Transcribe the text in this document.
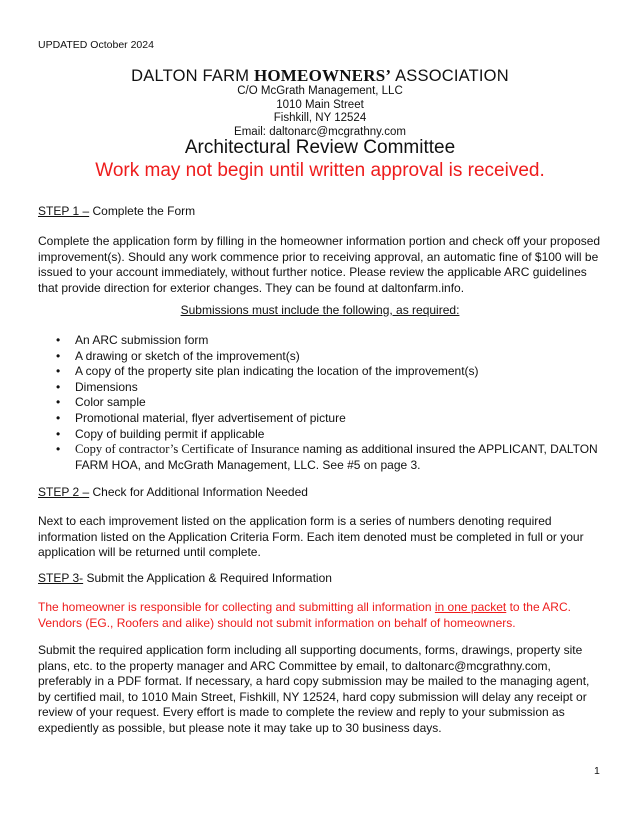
UPDATED October 2024
DALTON FARM HOMEOWNERS’ ASSOCIATION
C/O McGrath Management, LLC
1010 Main Street
Fishkill, NY 12524
Email: daltonarc@mcgrathny.com
Architectural Review Committee
Work may not begin until written approval is received.
STEP 1 – Complete the Form
Complete the application form by filling in the homeowner information portion and check off your proposed improvement(s). Should any work commence prior to receiving approval, an automatic fine of $100 will be issued to your account immediately, without further notice. Please review the applicable ARC guidelines that provide direction for exterior changes. They can be found at daltonfarm.info.
Submissions must include the following, as required:
• An ARC submission form
• A drawing or sketch of the improvement(s)
• A copy of the property site plan indicating the location of the improvement(s)
• Dimensions
• Color sample
• Promotional material, flyer advertisement of picture
• Copy of building permit if applicable
• Copy of contractor’s Certificate of Insurance naming as additional insured the APPLICANT, DALTON FARM HOA, and McGrath Management, LLC. See #5 on page 3.
STEP 2 – Check for Additional Information Needed
Next to each improvement listed on the application form is a series of numbers denoting required information listed on the Application Criteria Form. Each item denoted must be completed in full or your application will be returned until complete.
STEP 3- Submit the Application & Required Information
The homeowner is responsible for collecting and submitting all information in one packet to the ARC. Vendors (EG., Roofers and alike) should not submit information on behalf of homeowners.
Submit the required application form including all supporting documents, forms, drawings, property site plans, etc. to the property manager and ARC Committee by email, to daltonarc@mcgrathny.com, preferably in a PDF format. If necessary, a hard copy submission may be mailed to the managing agent, by certified mail, to 1010 Main Street, Fishkill, NY 12524, hard copy submission will delay any receipt or review of your request. Every effort is made to complete the review and reply to your submission as expediently as possible, but please note it may take up to 30 business days.
1
